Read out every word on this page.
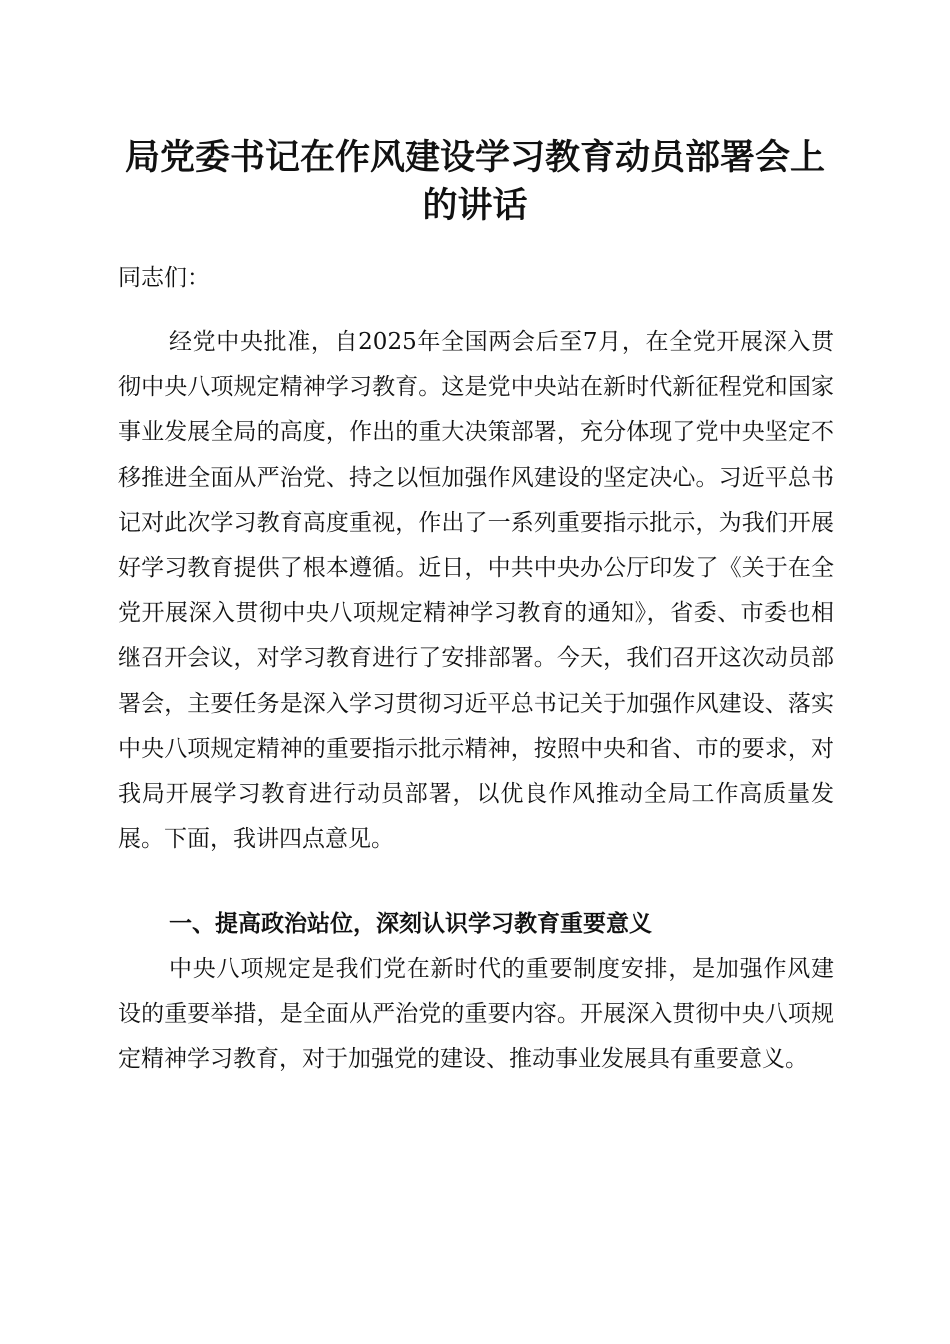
局党委书记在作风建设学习教育动员部署会上的讲话

同志们：

经党中央批准，自2025年全国两会后至7月，在全党开展深入贯彻中央八项规定精神学习教育。这是党中央站在新时代新征程党和国家事业发展全局的高度，作出的重大决策部署，充分体现了党中央坚定不移推进全面从严治党、持之以恒加强作风建设的坚定决心。习近平总书记对此次学习教育高度重视，作出了一系列重要指示批示，为我们开展好学习教育提供了根本遵循。近日，中共中央办公厅印发了《关于在全党开展深入贯彻中央八项规定精神学习教育的通知》，省委、市委也相继召开会议，对学习教育进行了安排部署。今天，我们召开这次动员部署会，主要任务是深入学习贯彻习近平总书记关于加强作风建设、落实中央八项规定精神的重要指示批示精神，按照中央和省、市的要求，对我局开展学习教育进行动员部署，以优良作风推动全局工作高质量发展。下面，我讲四点意见。

一、提高政治站位，深刻认识学习教育重要意义

中央八项规定是我们党在新时代的重要制度安排，是加强作风建设的重要举措，是全面从严治党的重要内容。开展深入贯彻中央八项规定精神学习教育，对于加强党的建设、推动事业发展具有重要意义。
